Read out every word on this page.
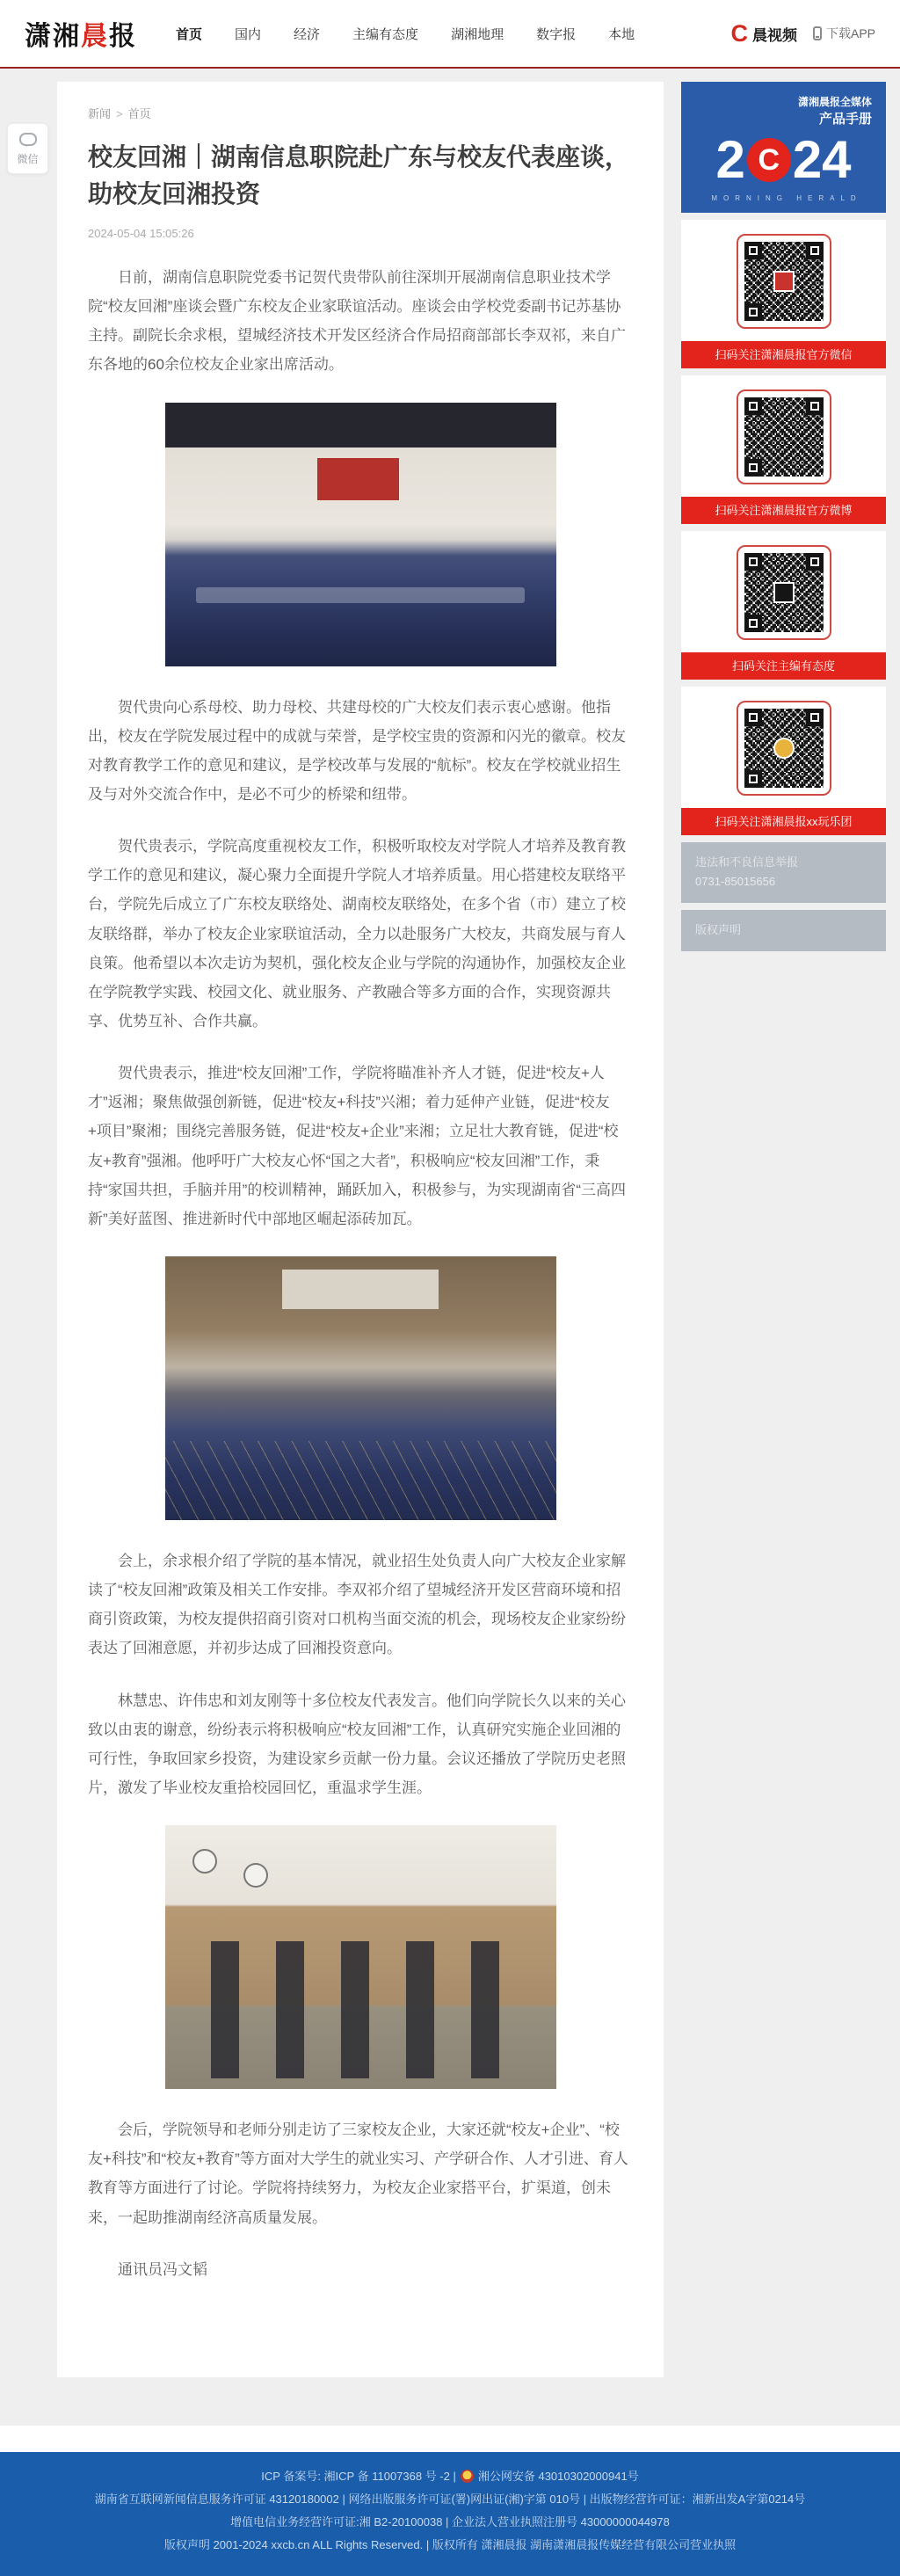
潇湘晨报	首页 国内 经济 主编有态度 湖湘地理 数字报 本地	C 晨视频 下载APP
微信
新闻 > 首页
校友回湘｜湖南信息职院赴广东与校友代表座谈，助校友回湘投资
2024-05-04 15:05:26

日前，湖南信息职院党委书记贺代贵带队前往深圳开展湖南信息职业技术学院“校友回湘”座谈会暨广东校友企业家联谊活动。座谈会由学校党委副书记苏基协主持。副院长余求根，望城经济技术开发区经济合作局招商部部长李双祁，来自广东各地的60余位校友企业家出席活动。

贺代贵向心系母校、助力母校、共建母校的广大校友们表示衷心感谢。他指出，校友在学院发展过程中的成就与荣誉，是学校宝贵的资源和闪光的徽章。校友对教育教学工作的意见和建议，是学校改革与发展的“航标”。校友在学校就业招生及与对外交流合作中，是必不可少的桥梁和纽带。

贺代贵表示，学院高度重视校友工作，积极听取校友对学院人才培养及教育教学工作的意见和建议，凝心聚力全面提升学院人才培养质量。用心搭建校友联络平台，学院先后成立了广东校友联络处、湖南校友联络处，在多个省（市）建立了校友联络群，举办了校友企业家联谊活动，全力以赴服务广大校友，共商发展与育人良策。他希望以本次走访为契机，强化校友企业与学院的沟通协作，加强校友企业在学院教学实践、校园文化、就业服务、产教融合等多方面的合作，实现资源共享、优势互补、合作共赢。

贺代贵表示，推进“校友回湘”工作，学院将瞄准补齐人才链，促进“校友+人才”返湘；聚焦做强创新链，促进“校友+科技”兴湘；着力延伸产业链，促进“校友+项目”聚湘；围绕完善服务链，促进“校友+企业”来湘；立足壮大教育链，促进“校友+教育”强湘。他呼吁广大校友心怀“国之大者”，积极响应“校友回湘”工作，秉持“家国共担，手脑并用”的校训精神，踊跃加入，积极参与，为实现湖南省“三高四新”美好蓝图、推进新时代中部地区崛起添砖加瓦。

会上，余求根介绍了学院的基本情况，就业招生处负责人向广大校友企业家解读了“校友回湘”政策及相关工作安排。李双祁介绍了望城经济开发区营商环境和招商引资政策，为校友提供招商引资对口机构当面交流的机会，现场校友企业家纷纷表达了回湘意愿，并初步达成了回湘投资意向。

林慧忠、许伟忠和刘友刚等十多位校友代表发言。他们向学院长久以来的关心致以由衷的谢意，纷纷表示将积极响应“校友回湘”工作，认真研究实施企业回湘的可行性，争取回家乡投资，为建设家乡贡献一份力量。会议还播放了学院历史老照片，激发了毕业校友重拾校园回忆，重温求学生涯。

会后，学院领导和老师分别走访了三家校友企业，大家还就“校友+企业”、“校友+科技”和“校友+教育”等方面对大学生的就业实习、产学研合作、人才引进、育人教育等方面进行了讨论。学院将持续努力，为校友企业家搭平台，扩渠道，创未来，一起助推湖南经济高质量发展。

通讯员冯文韬

潇湘晨报全媒体
产品手册
2 C 24
MORNING HERALD
扫码关注潇湘晨报官方微信
扫码关注潇湘晨报官方微博
扫码关注主编有态度
扫码关注潇湘晨报xx玩乐团
违法和不良信息举报
0731-85015656
版权声明
ICP 备案号: 湘ICP 备 11007368 号 -2 | 湘公网安备 43010302000941号
湖南省互联网新闻信息服务许可证 43120180002 | 网络出版服务许可证(署)网出证(湘)字第 010号 | 出版物经营许可证：湘新出发A字第0214号
增值电信业务经营许可证:湘 B2-20100038 | 企业法人营业执照注册号 43000000044978
版权声明 2001-2024 xxcb.cn ALL Rights Reserved. | 版权所有 潇湘晨报 湖南潇湘晨报传媒经营有限公司营业执照
